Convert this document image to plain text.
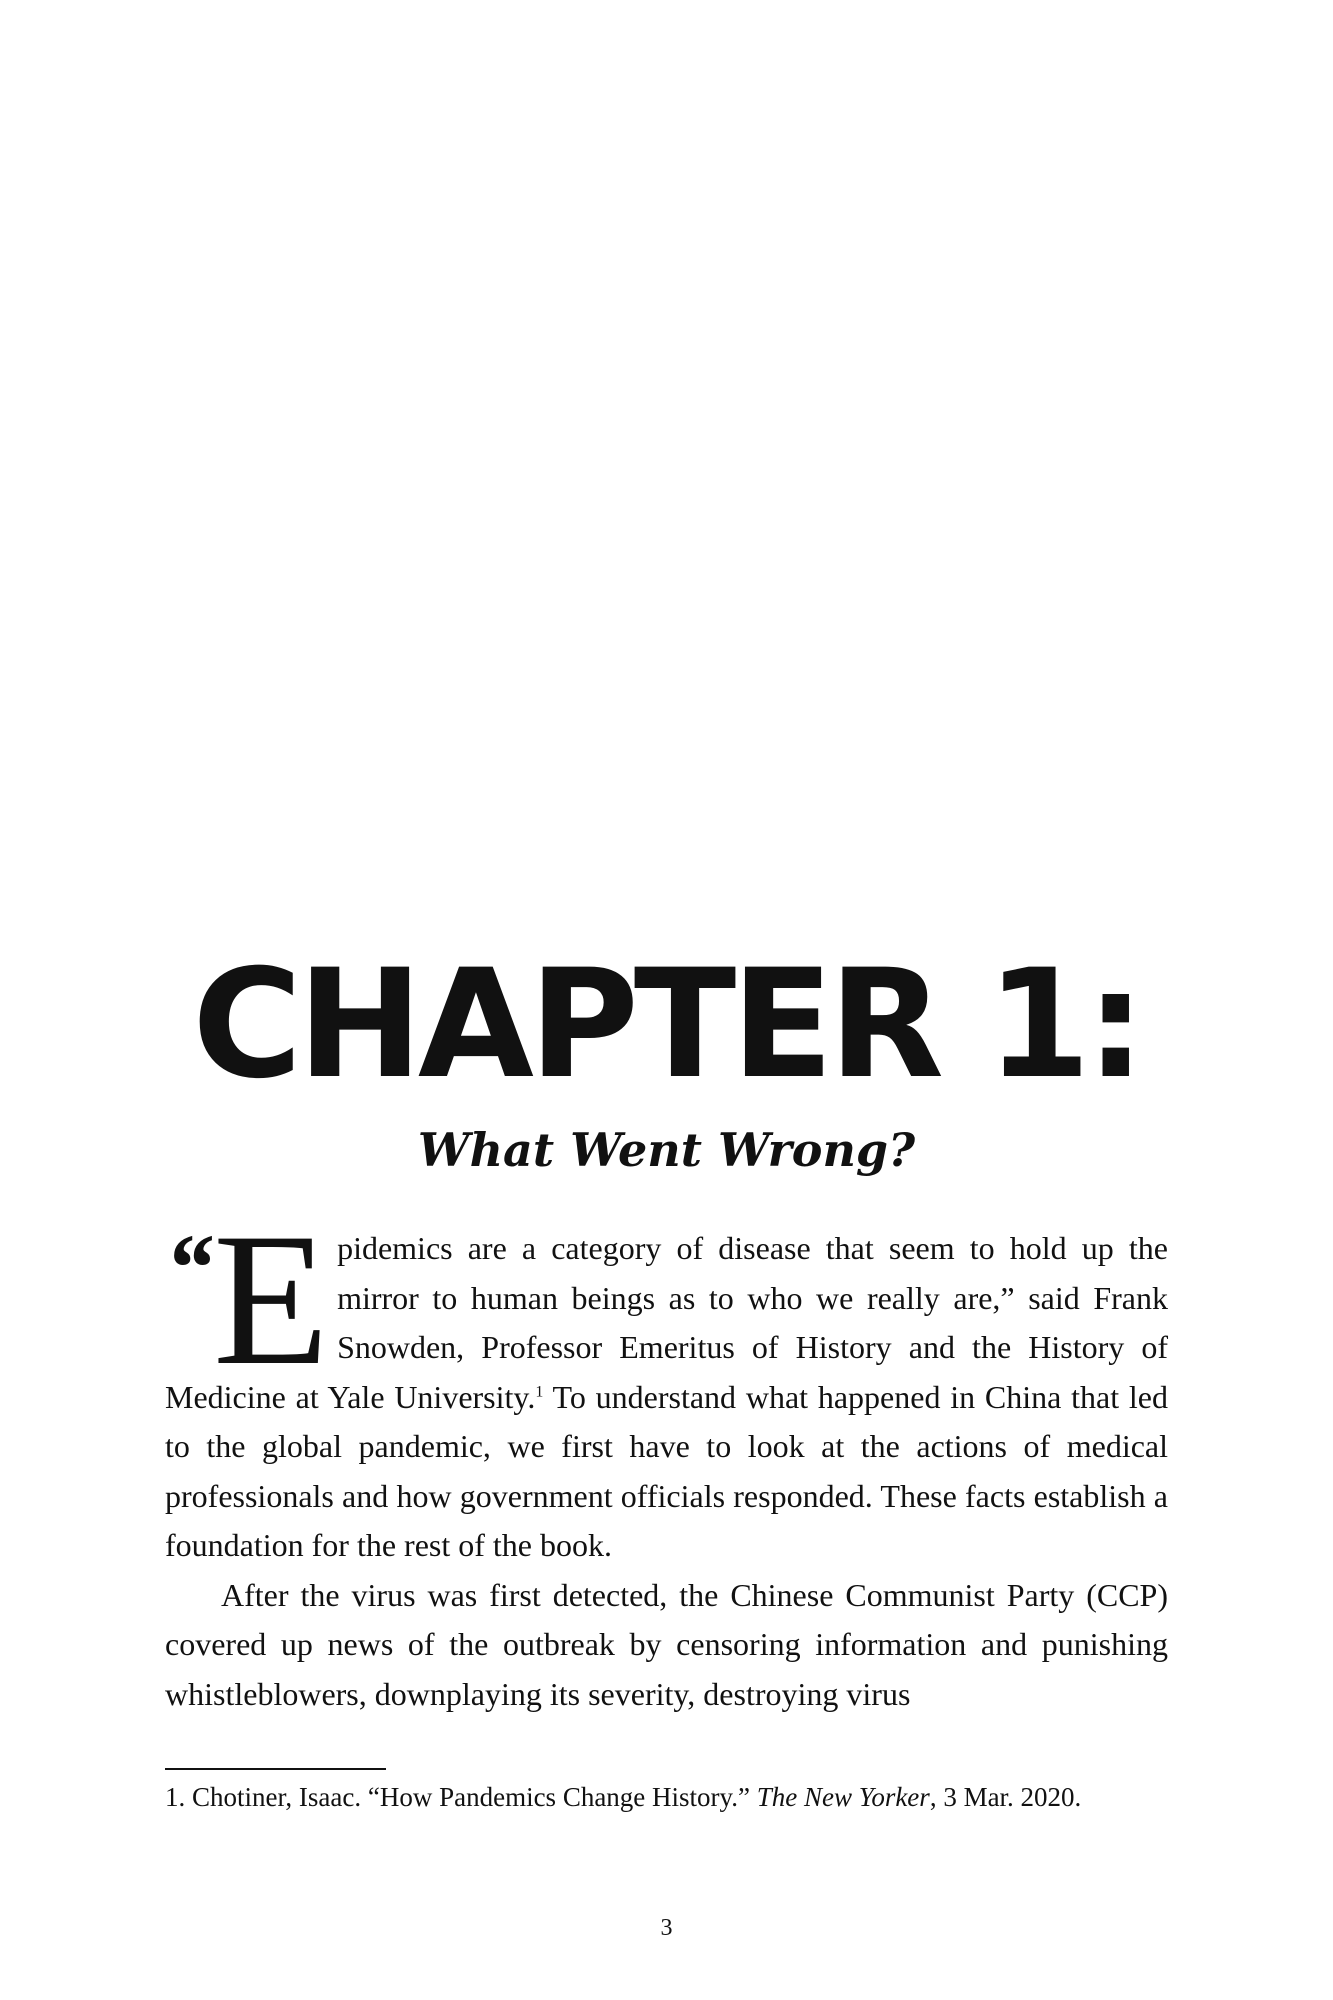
CHAPTER 1:
What Went Wrong?

“E pidemics are a category of disease that seem to hold up the mirror to human beings as to who we really are,” said Frank Snowden, Professor Emeritus of History and the History of Medicine at Yale University.$^1$ To understand what happened in China that led to the global pandemic, we first have to look at the actions of medical professionals and how government officials responded. These facts establish a foundation for the rest of the book.

After the virus was first detected, the Chinese Communist Party (CCP) covered up news of the outbreak by censoring information and punishing whistleblowers, downplaying its severity, destroying virus

1. Chotiner, Isaac. “How Pandemics Change History.” The New Yorker, 3 Mar. 2020.
3
